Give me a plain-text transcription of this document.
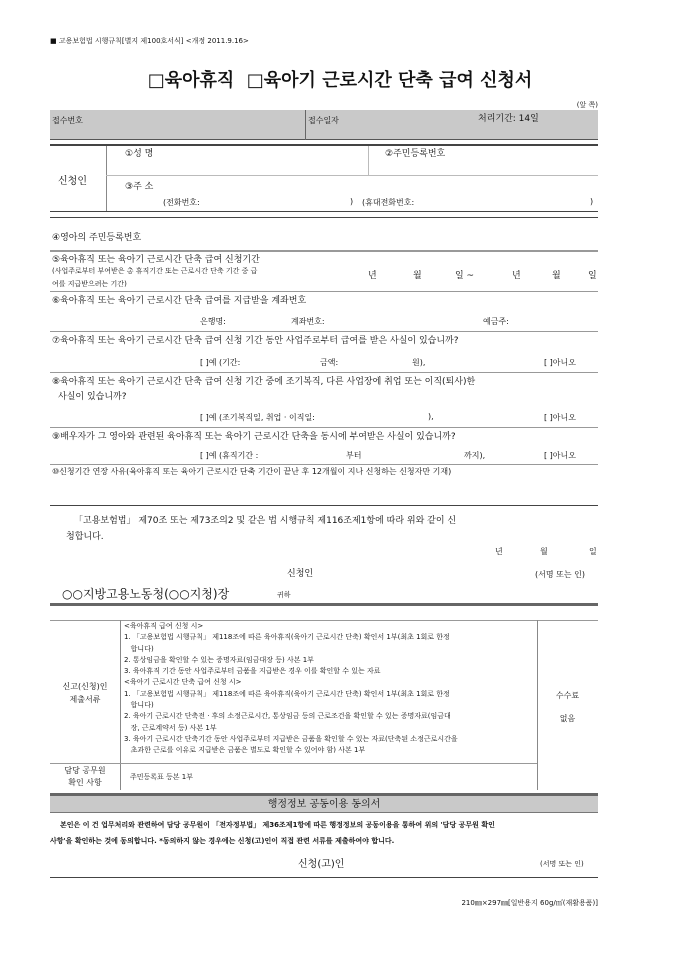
■ 고용보험법 시행규칙[별지 제100호서식] <개정 2011.9.16>
□육아휴직  □육아기 근로시간 단축 급여 신청서
(앞 쪽)
접수번호	접수일자	처리기간: 14일
신청인
①성 명	②주민등록번호
③주 소
(전화번호:	) (휴대전화번호:	)
④영아의 주민등록번호
⑤육아휴직 또는 육아기 근로시간 단축 급여 신청기간
(사업주로부터 부여받은 총 휴직기간 또는 근로시간 단축 기간 중 급
여를 지급받으려는 기간)
년	월	일 ~	년	월	일
⑥육아휴직 또는 육아기 근로시간 단축 급여를 지급받을 계좌번호
은행명:	계좌번호:	예금주:
⑦육아휴직 또는 육아기 근로시간 단축 급여 신청 기간 동안 사업주로부터 급여를 받은 사실이 있습니까?
[ ]예 (기간:	금액:	원),	[ ]아니오
⑧육아휴직 또는 육아기 근로시간 단축 급여 신청 기간 중에 조기복직, 다른 사업장에 취업 또는 이직(퇴사)한
사실이 있습니까?
[ ]예 (조기복직일, 취업 · 이직일:	),	[ ]아니오
⑨배우자가 그 영아와 관련된 육아휴직 또는 육아기 근로시간 단축을 동시에 부여받은 사실이 있습니까?
[ ]예 (휴직기간 :	부터	까지),	[ ]아니오
⑩신청기간 연장 사유(육아휴직 또는 육아기 근로시간 단축 기간이 끝난 후 12개월이 지나 신청하는 신청자만 기재)
「고용보험법」 제70조 또는 제73조의2 및 같은 법 시행규칙 제116조제1항에 따라 위와 같이 신
청합니다.
년	월	일
신청인	(서명 또는 인)
○○지방고용노동청(○○지청)장	귀하
신고(신청)인
제출서류
<육아휴직 급여 신청 시>
1. 「고용보험법 시행규칙」 제118조에 따른 육아휴직(육아기 근로시간 단축) 확인서 1부(최초 1회로 한정
합니다)
2. 통상임금을 확인할 수 있는 증명자료(임금대장 등) 사본 1부
3. 육아휴직 기간 동안 사업주로부터 금품을 지급받은 경우 이를 확인할 수 있는 자료
<육아기 근로시간 단축 급여 신청 시>
1. 「고용보험법 시행규칙」 제118조에 따른 육아휴직(육아기 근로시간 단축) 확인서 1부(최초 1회로 한정
합니다)
2. 육아기 근로시간 단축전 · 후의 소정근로시간, 통상임금 등의 근로조건을 확인할 수 있는 증명자료(임금대
장, 근로계약서 등) 사본 1부
3. 육아기 근로시간 단축기간 동안 사업주로부터 지급받은 금품을 확인할 수 있는 자료(단축된 소정근로시간을
초과한 근로를 이유로 지급받은 금품은 별도로 확인할 수 있어야 함) 사본 1부
수수료
없음
담당 공무원
확인 사항
주민등록표 등본 1부
행정정보 공동이용 동의서
본인은 이 건 업무처리와 관련하여 담당 공무원이 「전자정부법」 제36조제1항에 따른 행정정보의 공동이용을 통하여 위의 '담당 공무원 확인
사항'을 확인하는 것에 동의합니다. *동의하지 않는 경우에는 신청(고)인이 직접 관련 서류를 제출하여야 합니다.
신청(고)인	(서명 또는 인)
210㎜×297㎜[일반용지 60g/㎡(재활용품)]
